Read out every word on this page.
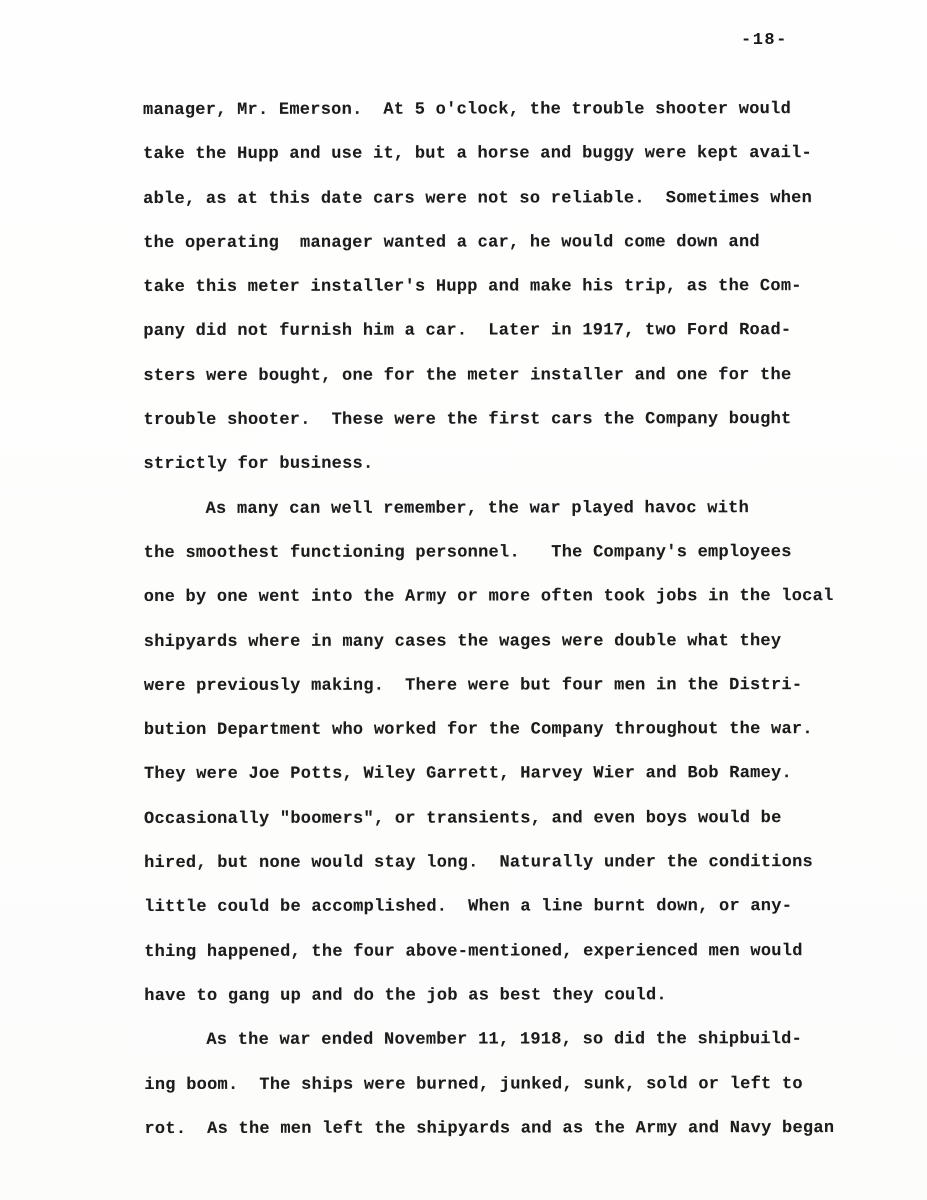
-18-
manager, Mr. Emerson.  At 5 o'clock, the trouble shooter would
take the Hupp and use it, but a horse and buggy were kept avail-
able, as at this date cars were not so reliable.  Sometimes when
the operating  manager wanted a car, he would come down and
take this meter installer's Hupp and make his trip, as the Com-
pany did not furnish him a car.  Later in 1917, two Ford Road-
sters were bought, one for the meter installer and one for the
trouble shooter.  These were the first cars the Company bought
strictly for business.
As many can well remember, the war played havoc with
the smoothest functioning personnel.   The Company's employees
one by one went into the Army or more often took jobs in the local
shipyards where in many cases the wages were double what they
were previously making.  There were but four men in the Distri-
bution Department who worked for the Company throughout the war.
They were Joe Potts, Wiley Garrett, Harvey Wier and Bob Ramey.
Occasionally "boomers", or transients, and even boys would be
hired, but none would stay long.  Naturally under the conditions
little could be accomplished.  When a line burnt down, or any-
thing happened, the four above-mentioned, experienced men would
have to gang up and do the job as best they could.
As the war ended November 11, 1918, so did the shipbuild-
ing boom.  The ships were burned, junked, sunk, sold or left to
rot.  As the men left the shipyards and as the Army and Navy began
